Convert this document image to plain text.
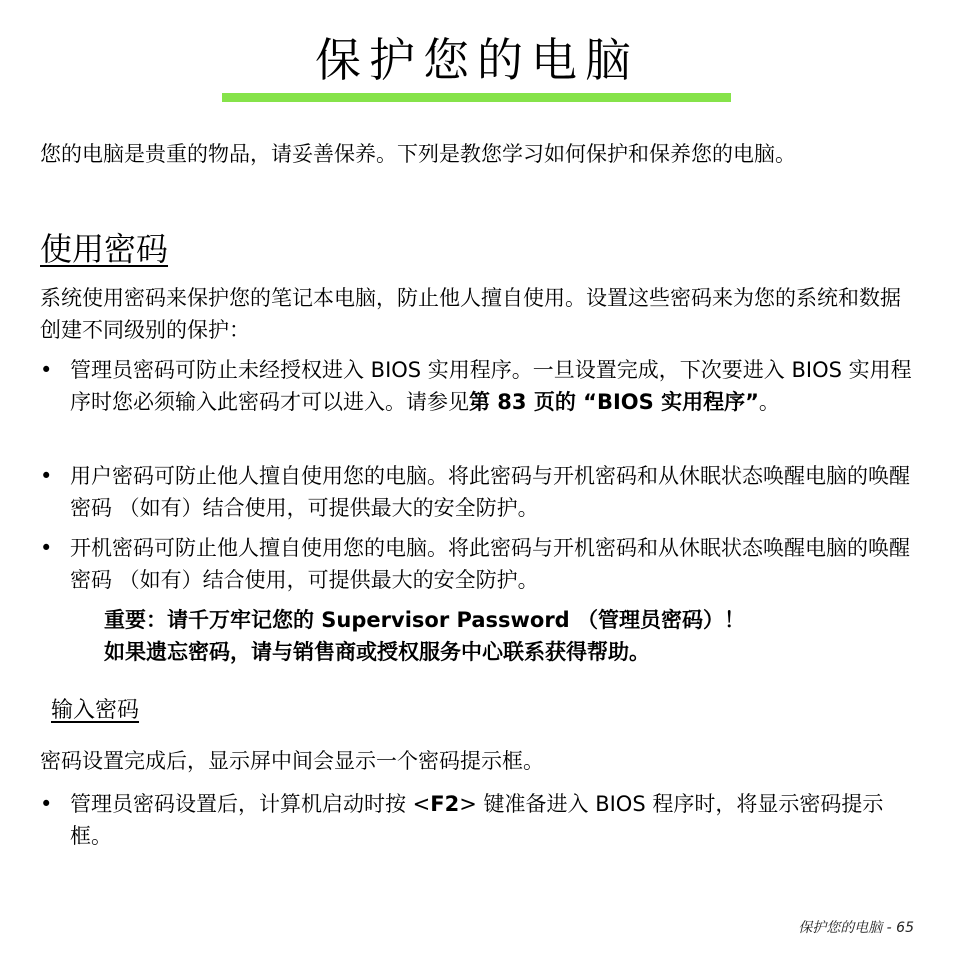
保护您的电脑
您的电脑是贵重的物品，请妥善保养。下列是教您学习如何保护和保养您的电脑。
使用密码
系统使用密码来保护您的笔记本电脑，防止他人擅自使用。设置这些密码来为您的系统和数据创建不同级别的保护：
• 管理员密码可防止未经授权进入 BIOS 实用程序。一旦设置完成，下次要进入 BIOS 实用程序时您必须输入此密码才可以进入。请参见第 83 页的 “BIOS 实用程序”。
• 用户密码可防止他人擅自使用您的电脑。将此密码与开机密码和从休眠状态唤醒电脑的唤醒密码 （如有）结合使用，可提供最大的安全防护。
• 开机密码可防止他人擅自使用您的电脑。将此密码与开机密码和从休眠状态唤醒电脑的唤醒密码 （如有）结合使用，可提供最大的安全防护。
重要：请千万牢记您的 Supervisor Password （管理员密码）！
如果遗忘密码，请与销售商或授权服务中心联系获得帮助。
输入密码
密码设置完成后，显示屏中间会显示一个密码提示框。
• 管理员密码设置后，计算机启动时按 <F2> 键准备进入 BIOS 程序时，将显示密码提示框。
保护您的电脑 - 65
